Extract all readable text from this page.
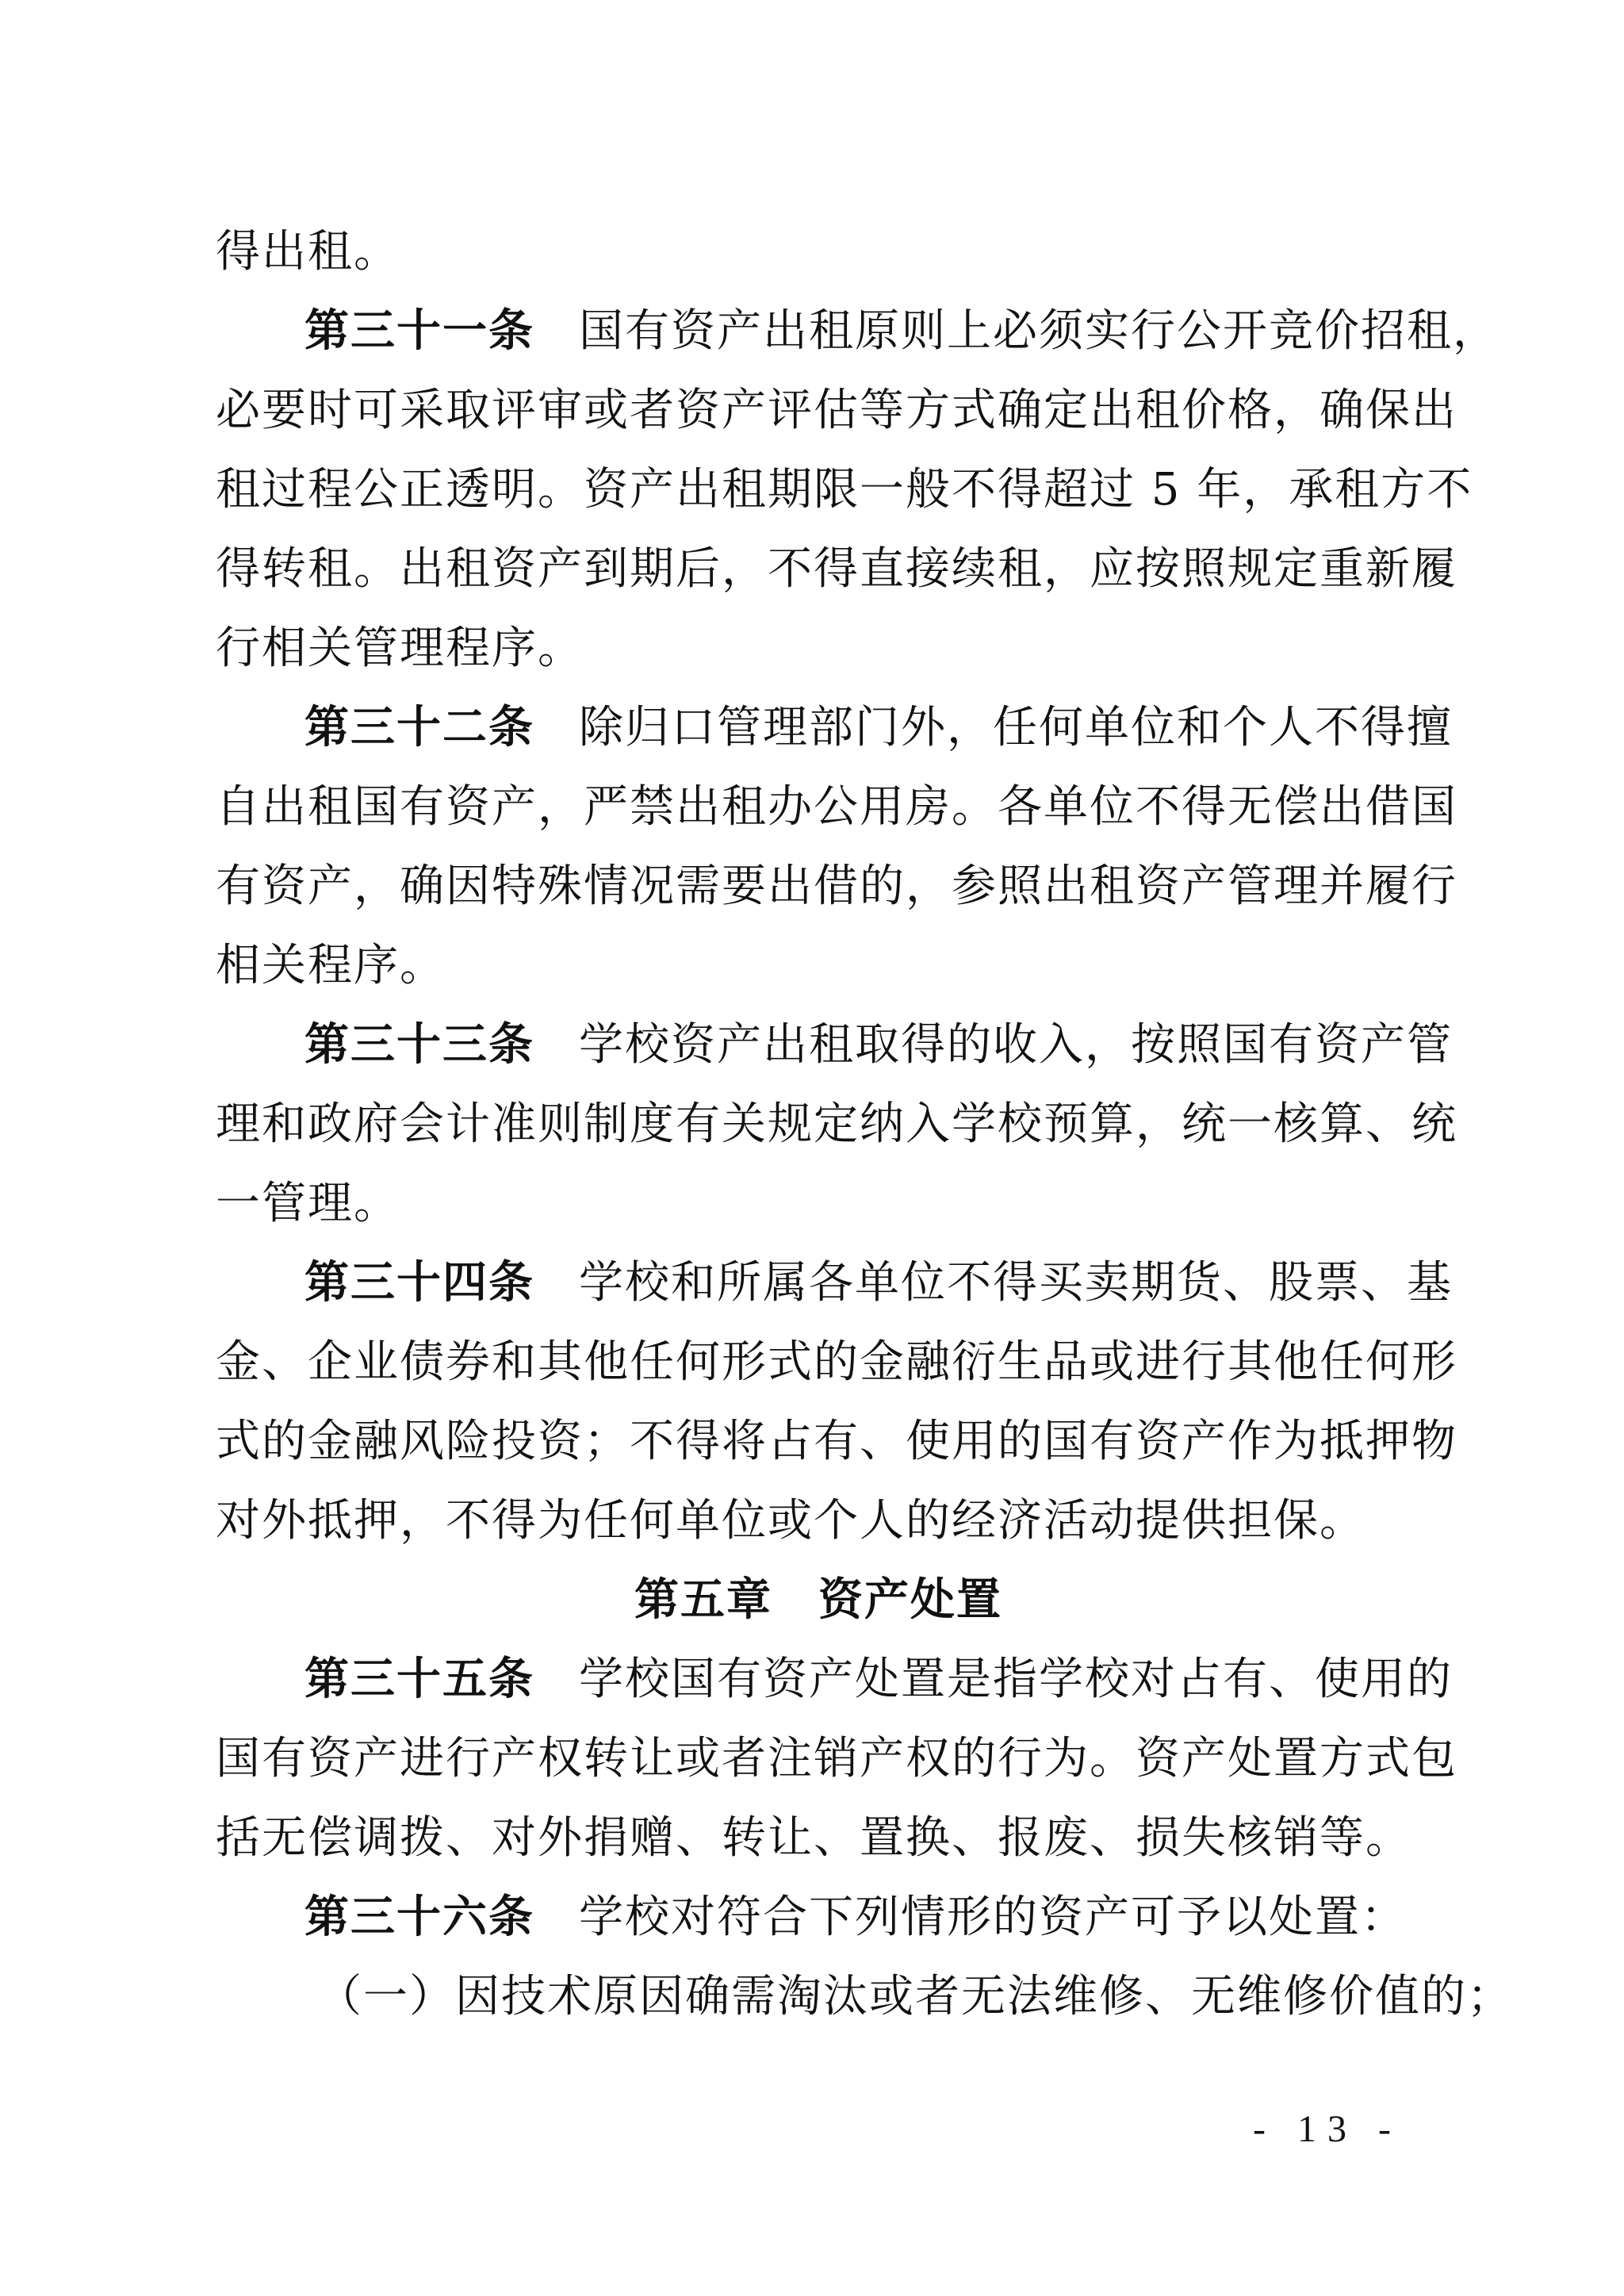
得出租。
第三十一条 国有资产出租原则上必须实行公开竞价招租，
必要时可采取评审或者资产评估等方式确定出租价格，确保出
租过程公正透明。资产出租期限一般不得超过 5 年，承租方不
得转租。出租资产到期后，不得直接续租，应按照规定重新履
行相关管理程序。
第三十二条 除归口管理部门外，任何单位和个人不得擅
自出租国有资产，严禁出租办公用房。各单位不得无偿出借国
有资产，确因特殊情况需要出借的，参照出租资产管理并履行
相关程序。
第三十三条 学校资产出租取得的收入，按照国有资产管
理和政府会计准则制度有关规定纳入学校预算，统一核算、统
一管理。
第三十四条 学校和所属各单位不得买卖期货、股票、基
金、企业债券和其他任何形式的金融衍生品或进行其他任何形
式的金融风险投资；不得将占有、使用的国有资产作为抵押物
对外抵押，不得为任何单位或个人的经济活动提供担保。
第五章　资产处置
第三十五条 学校国有资产处置是指学校对占有、使用的
国有资产进行产权转让或者注销产权的行为。资产处置方式包
括无偿调拨、对外捐赠、转让、置换、报废、损失核销等。
第三十六条 学校对符合下列情形的资产可予以处置：
（一）因技术原因确需淘汰或者无法维修、无维修价值的；
- 13 -
